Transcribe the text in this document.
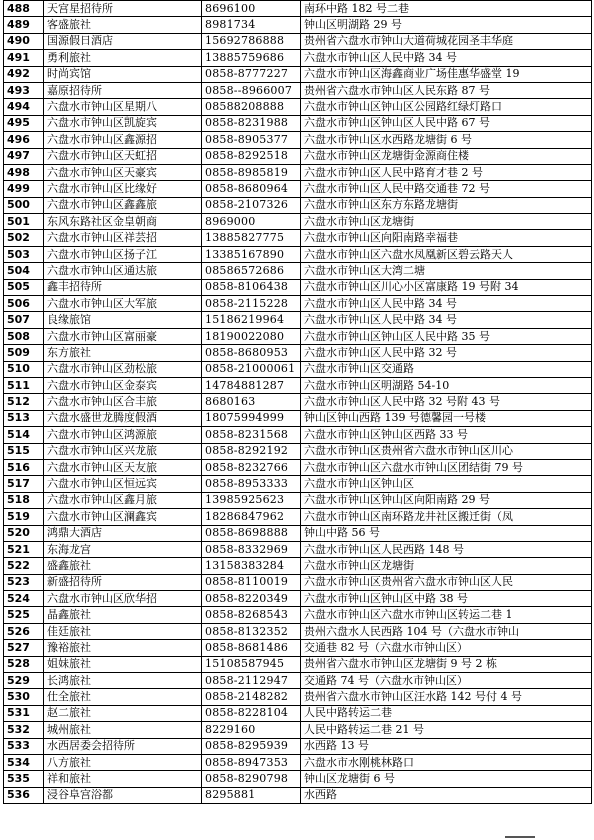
488	天宫星招待所	8696100	南环中路 182 号二巷
489	客盛旅社	8981734	钟山区明湖路 29 号
490	国源假日酒店	15692786888	贵州省六盘水市钟山大道荷城花园圣丰华庭
491	勇利旅社	13885759686	六盘水市钟山区人民中路 34 号
492	时尚宾馆	0858-8777227	六盘水市钟山区海鑫商业广场佳惠华盛堂 19
493	嘉原招待所	0858--8966007	贵州省六盘水市钟山区人民东路 87 号
494	六盘水市钟山区星期八	08588208888	六盘水市钟山区钟山区公园路红绿灯路口
495	六盘水市钟山区凯旋宾	0858-8231988	六盘水市钟山区钟山区人民中路 67 号
496	六盘水市钟山区鑫源招	0858-8905377	六盘水市钟山区水西路龙塘街 6 号
497	六盘水市钟山区天虹招	0858-8292518	六盘水市钟山区龙塘街金源商住楼
498	六盘水市钟山区天豪宾	0858-8985819	六盘水市钟山区人民中路育才巷 2 号
499	六盘水市钟山区比缘好	0858-8680964	六盘水市钟山区人民中路交通巷 72 号
500	六盘水市钟山区鑫鑫旅	0858-2107326	六盘水市钟山区东方东路龙塘街
501	东风东路社区金皇朝商	8969000	六盘水市钟山区龙塘街
502	六盘水市钟山区祥芸招	13885827775	六盘水市钟山区向阳南路幸福巷
503	六盘水市钟山区扬子江	13385167890	六盘水市钟山区六盘水凤凰新区碧云路天人
504	六盘水市钟山区通达旅	08586572686	六盘水市钟山区大湾二塘
505	鑫丰招待所	0858-8106438	六盘水市钟山区川心小区富康路 19 号附 34
506	六盘水市钟山区大军旅	0858-2115228	六盘水市钟山区人民中路 34 号
507	良缘旅馆	15186219964	六盘水市钟山区人民中路 34 号
508	六盘水市钟山区富丽豪	18190022080	六盘水市钟山区钟山区人民中路 35 号
509	东方旅社	0858-8680953	六盘水市钟山区人民中路 32 号
510	六盘水市钟山区劲松旅	0858-21000061	六盘水市钟山区交通路
511	六盘水市钟山区金泰宾	14784881287	六盘水市钟山区明湖路 54-10
512	六盘水市钟山区合丰旅	8680163	六盘水市钟山区人民中路 32 号附 43 号
513	六盘水盛世龙腾度假酒	18075994999	钟山区钟山西路 139 号德馨园一号楼
514	六盘水市钟山区鸿源旅	0858-8231568	六盘水市钟山区钟山区西路 33 号
515	六盘水市钟山区兴龙旅	0858-8292192	六盘水市钟山区贵州省六盘水市钟山区川心
516	六盘水市钟山区天友旅	0858-8232766	六盘水市钟山区六盘水市钟山区团结街 79 号
517	六盘水市钟山区恒远宾	0858-8953333	六盘水市钟山区钟山区
518	六盘水市钟山区鑫月旅	13985925623	六盘水市钟山区钟山区向阳南路 29 号
519	六盘水市钟山区澜鑫宾	18286847962	六盘水市钟山区南环路龙井社区搬迁街（凤
520	鸿鼎大酒店	0858-8698888	钟山中路 56 号
521	东海龙宫	0858-8332969	六盘水市钟山区人民西路 148 号
522	盛鑫旅社	13158383284	六盘水市钟山区龙塘街
523	新盛招待所	0858-8110019	六盘水市钟山区贵州省六盘水市钟山区人民
524	六盘水市钟山区欣华招	0858-8220349	六盘水市钟山区钟山区中路 38 号
525	晶鑫旅社	0858-8268543	六盘水市钟山区六盘水市钟山区转运二巷 1
526	佳廷旅社	0858-8132352	贵州六盘水人民西路 104 号（六盘水市钟山
527	豫裕旅社	0858-8681486	交通巷 82 号（六盘水市钟山区）
528	姐妹旅社	15108587945	贵州省六盘水市钟山区龙塘街 9 号 2 栋
529	长鸿旅社	0858-2112947	交通路 74 号（六盘水市钟山区）
530	仕全旅社	0858-2148282	贵州省六盘水市钟山区汪水路 142 号付 4 号
531	赵二旅社	0858-8228104	人民中路转运二巷
532	城州旅社	8229160	人民中路转运二巷 21 号
533	水西居委会招待所	0858-8295939	水西路 13 号
534	八方旅社	0858-8947353	六盘水市水刚桃林路口
535	祥和旅社	0858-8290798	钟山区龙塘街 6 号
536	浸谷阜宫浴都	8295881	水西路
